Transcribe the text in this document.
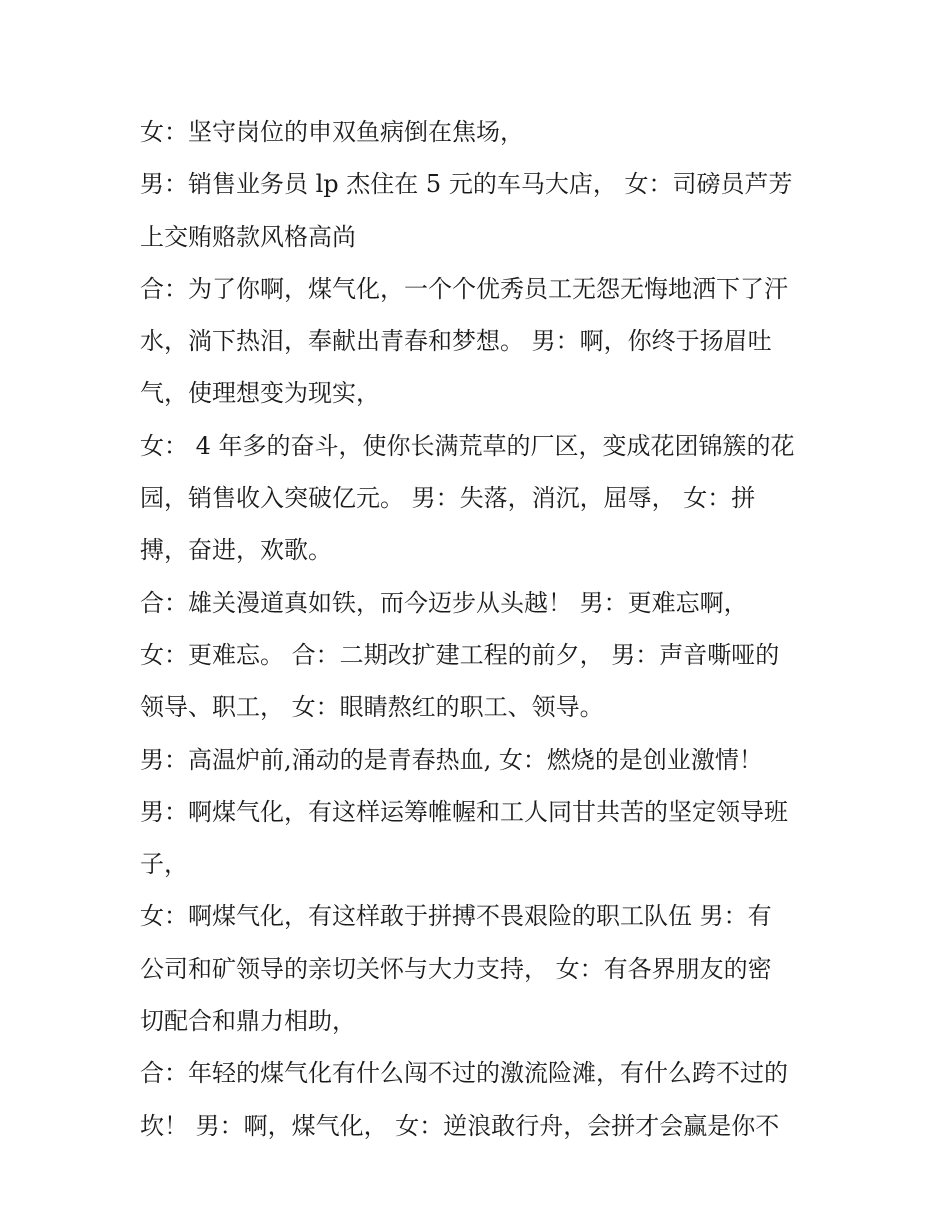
女：坚守岗位的申双鱼病倒在焦场，
男：销售业务员 lp 杰住在 5 元的车马大店， 女：司磅员芦芳
上交贿赂款风格高尚
合：为了你啊，煤气化，一个个优秀员工无怨无悔地洒下了汗
水，淌下热泪，奉献出青春和梦想。 男：啊，你终于扬眉吐
气，使理想变为现实，
女： 4 年多的奋斗，使你长满荒草的厂区，变成花团锦簇的花
园，销售收入突破亿元。 男：失落，消沉，屈辱， 女：拼
搏，奋进，欢歌。
合：雄关漫道真如铁，而今迈步从头越！ 男：更难忘啊，
女：更难忘。 合：二期改扩建工程的前夕， 男：声音嘶哑的
领导、职工， 女：眼睛熬红的职工、领导。
男：高温炉前,涌动的是青春热血, 女：燃烧的是创业激情！
男：啊煤气化，有这样运筹帷幄和工人同甘共苦的坚定领导班
子，
女：啊煤气化，有这样敢于拼搏不畏艰险的职工队伍 男：有
公司和矿领导的亲切关怀与大力支持， 女：有各界朋友的密
切配合和鼎力相助，
合：年轻的煤气化有什么闯不过的激流险滩，有什么跨不过的
坎！ 男：啊，煤气化， 女：逆浪敢行舟，会拼才会赢是你不
